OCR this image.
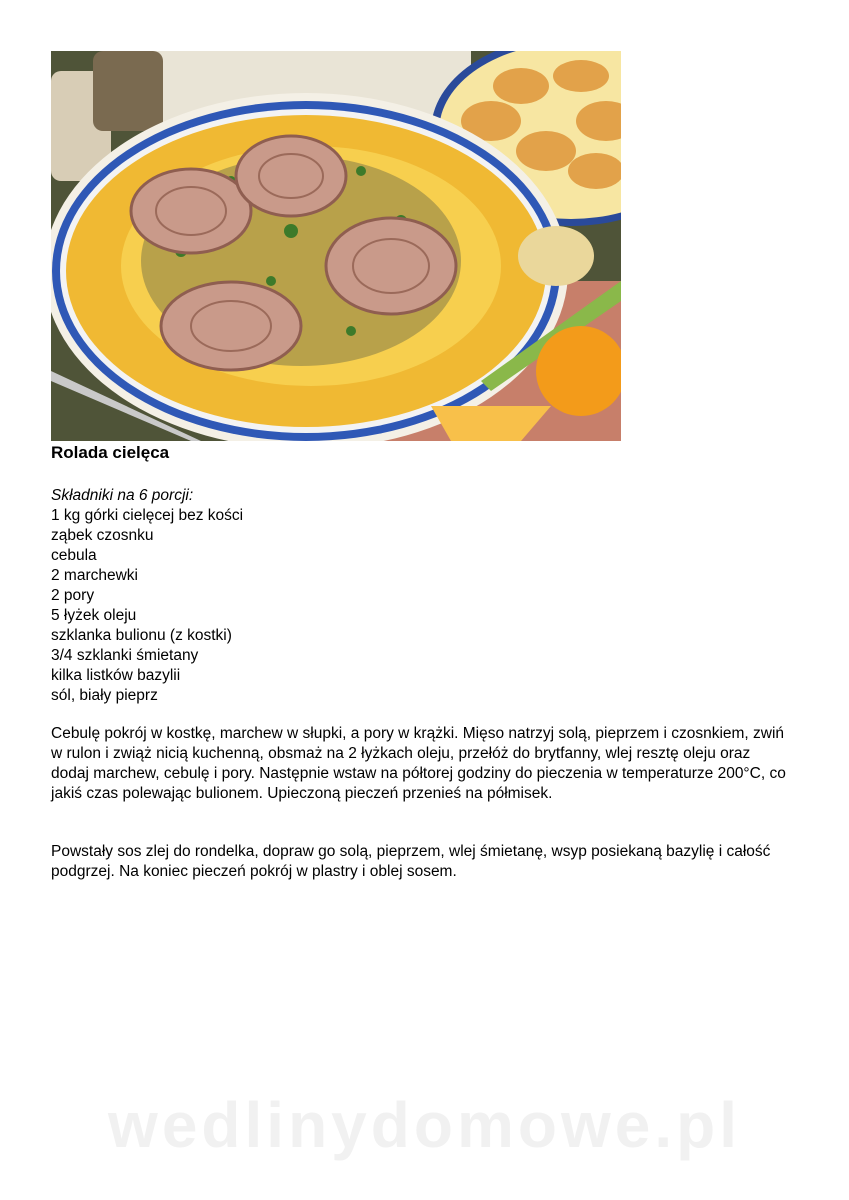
Rolada cielęca
Składniki na 6 porcji:
1 kg górki cielęcej bez kości
ząbek czosnku
cebula
2 marchewki
2 pory
5 łyżek oleju
szklanka bulionu (z kostki)
3/4 szklanki śmietany
kilka listków bazylii
sól, biały pieprz

Cebulę pokrój w kostkę, marchew w słupki, a pory w krążki. Mięso natrzyj solą, pieprzem i czosnkiem, zwiń w rulon i zwiąż nicią kuchenną, obsmaż na 2 łyżkach oleju, przełóż do brytfanny, wlej resztę oleju oraz dodaj marchew, cebulę i pory. Następnie wstaw na półtorej godziny do pieczenia w temperaturze 200°C, co jakiś czas polewając bulionem. Upieczoną pieczeń przenieś na półmisek.

Powstały sos zlej do rondelka, dopraw go solą, pieprzem, wlej śmietanę, wsyp posiekaną bazylię i całość podgrzej. Na koniec pieczeń pokrój w plastry i oblej sosem.

wedlinydomowe.pl
